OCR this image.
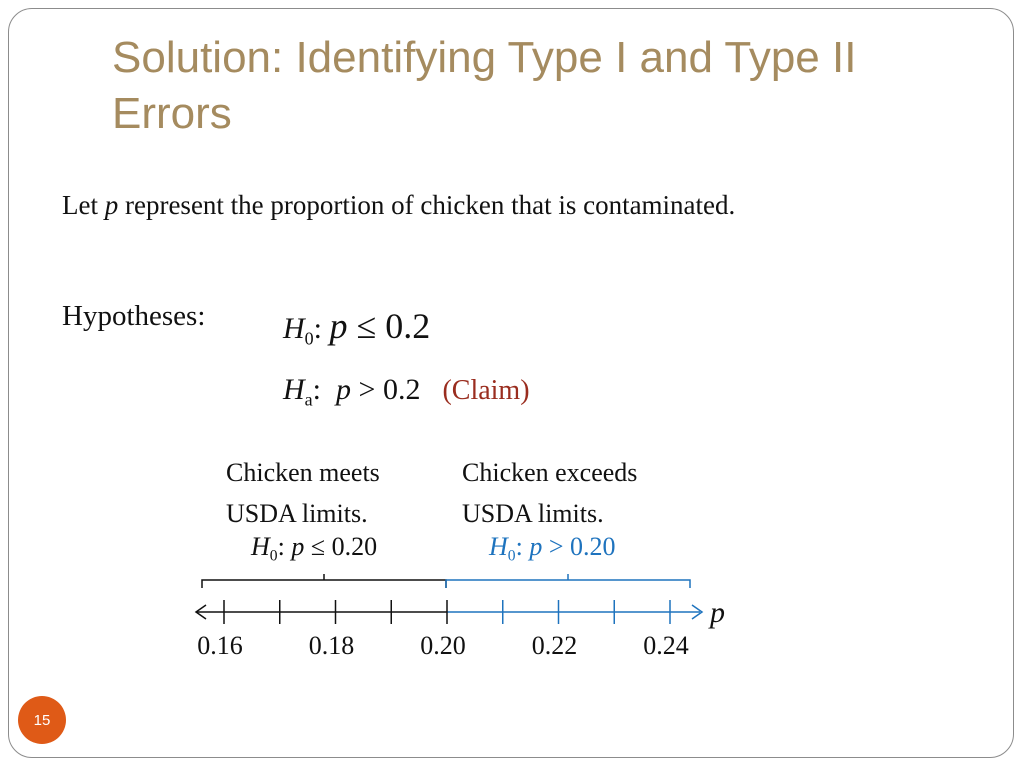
Solution: Identifying Type I and Type II Errors
Let p represent the proportion of chicken that is contaminated.
Hypotheses:	$H_0$: p ≤ 0.2
$H_a$: p > 0.2 (Claim)
Chicken meets
USDA limits.
Chicken exceeds
USDA limits.
$H_0$: p ≤ 0.20	$H_0$: p > 0.20
0.16	0.18	0.20	0.22	0.24
p
15
